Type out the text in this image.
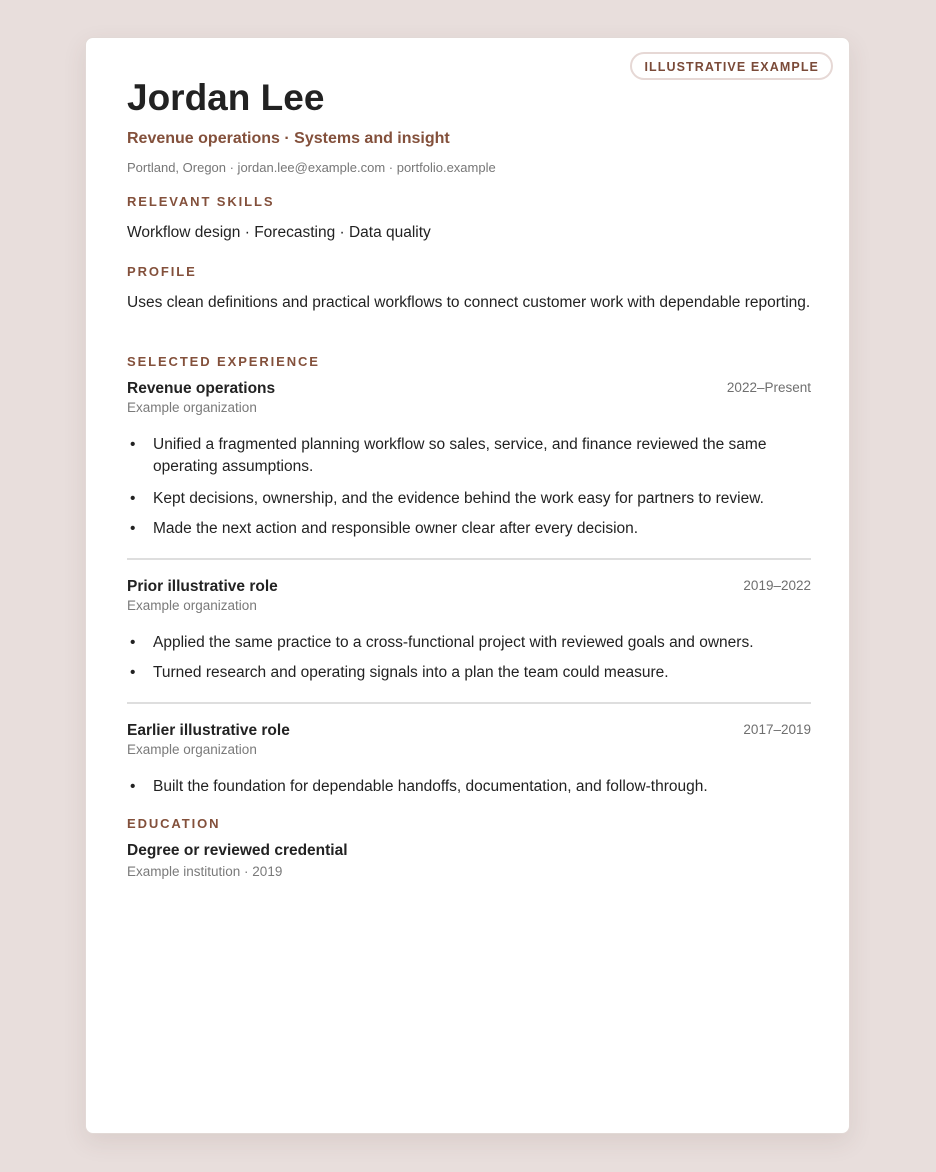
ILLUSTRATIVE EXAMPLE
Jordan Lee
Revenue operations · Systems and insight
Portland, Oregon · jordan.lee@example.com · portfolio.example
RELEVANT SKILLS
Workflow design · Forecasting · Data quality
PROFILE
Uses clean definitions and practical workflows to connect customer work with dependable reporting.
SELECTED EXPERIENCE
Revenue operations	2022–Present
Example organization
• Unified a fragmented planning workflow so sales, service, and finance reviewed the same operating assumptions.
• Kept decisions, ownership, and the evidence behind the work easy for partners to review.
• Made the next action and responsible owner clear after every decision.
Prior illustrative role	2019–2022
Example organization
• Applied the same practice to a cross-functional project with reviewed goals and owners.
• Turned research and operating signals into a plan the team could measure.
Earlier illustrative role	2017–2019
Example organization
• Built the foundation for dependable handoffs, documentation, and follow-through.
EDUCATION
Degree or reviewed credential
Example institution · 2019
